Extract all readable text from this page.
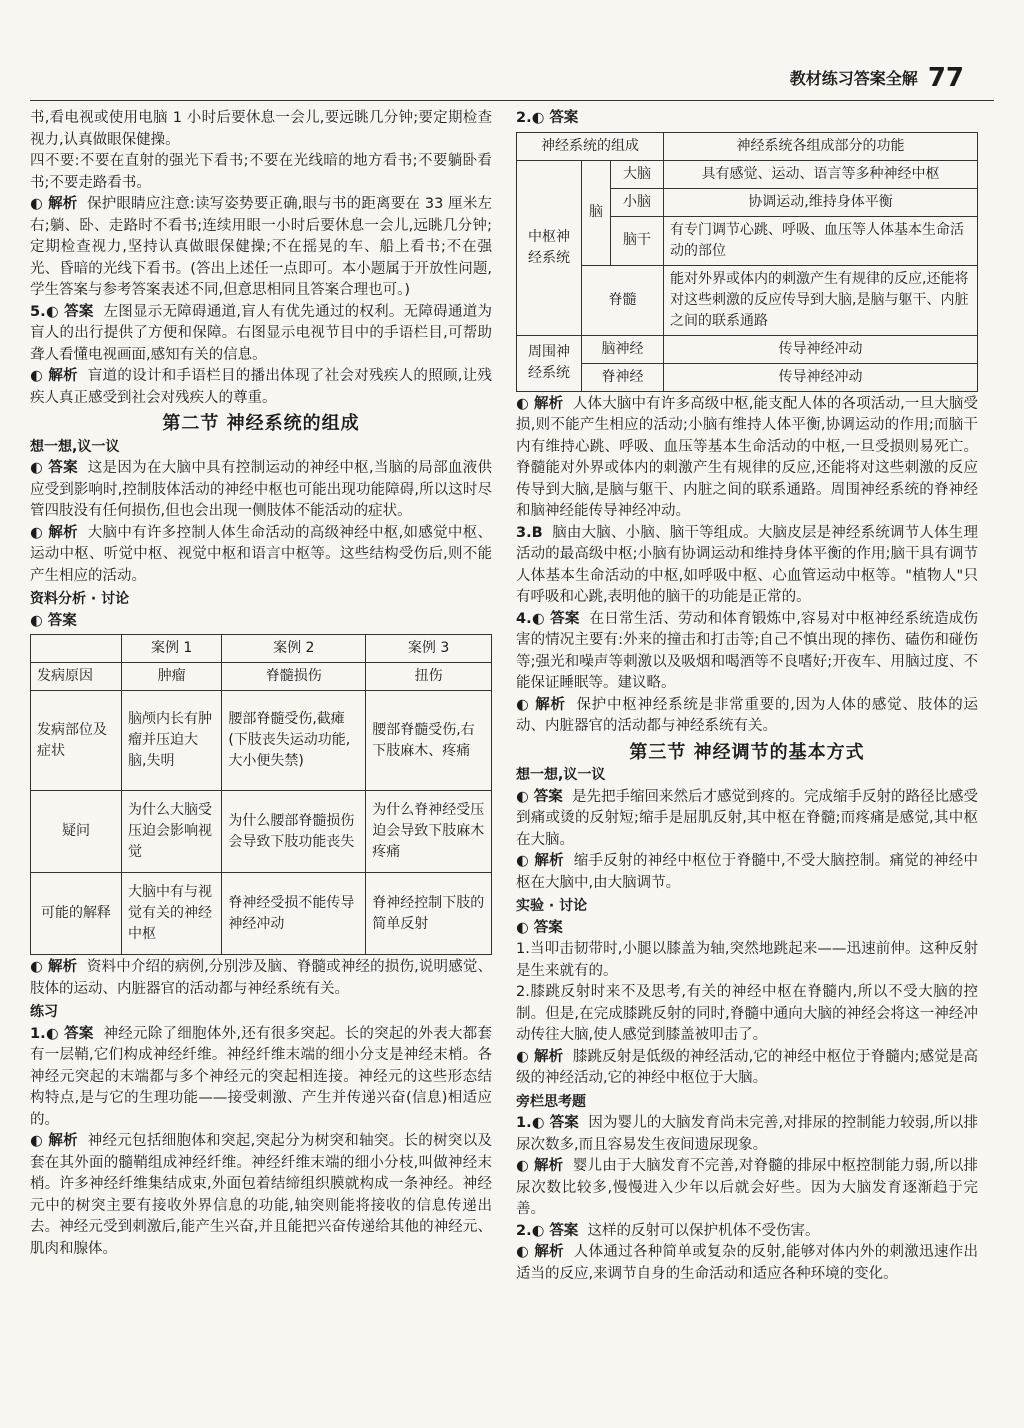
教材练习答案全解 77

书,看电视或使用电脑 1 小时后要休息一会儿,要远眺几分钟;要定期检查视力,认真做眼保健操。

四不要:不要在直射的强光下看书;不要在光线暗的地方看书;不要躺卧看书;不要走路看书。

◐ 解析 保护眼睛应注意:读写姿势要正确,眼与书的距离要在 33 厘米左右;躺、卧、走路时不看书;连续用眼一小时后要休息一会儿,远眺几分钟;定期检查视力,坚持认真做眼保健操;不在摇晃的车、船上看书;不在强光、昏暗的光线下看书。(答出上述任一点即可。本小题属于开放性问题,学生答案与参考答案表述不同,但意思相同且答案合理也可。)

5.◐ 答案 左图显示无障碍通道,盲人有优先通过的权利。无障碍通道为盲人的出行提供了方便和保障。右图显示电视节目中的手语栏目,可帮助聋人看懂电视画面,感知有关的信息。

◐ 解析 盲道的设计和手语栏目的播出体现了社会对残疾人的照顾,让残疾人真正感受到社会对残疾人的尊重。

第二节 神经系统的组成
想一想,议一议

◐ 答案 这是因为在大脑中具有控制运动的神经中枢,当脑的局部血液供应受到影响时,控制肢体活动的神经中枢也可能出现功能障碍,所以这时尽管四肢没有任何损伤,但也会出现一侧肢体不能活动的症状。

◐ 解析 大脑中有许多控制人体生命活动的高级神经中枢,如感觉中枢、运动中枢、听觉中枢、视觉中枢和语言中枢等。这些结构受伤后,则不能产生相应的活动。

资料分析 · 讨论

◐ 答案

	案例 1	案例 2	案例 3
发病原因	肿瘤	脊髓损伤	扭伤
发病部位及症状	脑颅内长有肿瘤并压迫大脑,失明	腰部脊髓受伤,截瘫(下肢丧失运动功能,大小便失禁)	腰部脊髓受伤,右下肢麻木、疼痛
疑问	为什么大脑受压迫会影响视觉	为什么腰部脊髓损伤会导致下肢功能丧失	为什么脊神经受压迫会导致下肢麻木疼痛
可能的解释	大脑中有与视觉有关的神经中枢	脊神经受损不能传导神经冲动	脊神经控制下肢的简单反射

◐ 解析 资料中介绍的病例,分别涉及脑、脊髓或神经的损伤,说明感觉、肢体的运动、内脏器官的活动都与神经系统有关。

练习

1.◐ 答案 神经元除了细胞体外,还有很多突起。长的突起的外表大都套有一层鞘,它们构成神经纤维。神经纤维末端的细小分支是神经末梢。各神经元突起的末端都与多个神经元的突起相连接。神经元的这些形态结构特点,是与它的生理功能——接受刺激、产生并传递兴奋(信息)相适应的。

◐ 解析 神经元包括细胞体和突起,突起分为树突和轴突。长的树突以及套在其外面的髓鞘组成神经纤维。神经纤维末端的细小分枝,叫做神经末梢。许多神经纤维集结成束,外面包着结缔组织膜就构成一条神经。神经元中的树突主要有接收外界信息的功能,轴突则能将接收的信息传递出去。神经元受到刺激后,能产生兴奋,并且能把兴奋传递给其他的神经元、肌肉和腺体。

2.◐ 答案

神经系统的组成			神经系统各组成部分的功能
中枢神经系统	脑	大脑	具有感觉、运动、语言等多种神经中枢
		小脑	协调运动,维持身体平衡
		脑干	有专门调节心跳、呼吸、血压等人体基本生命活动的部位
	脊髓		能对外界或体内的刺激产生有规律的反应,还能将对这些刺激的反应传导到大脑,是脑与躯干、内脏之间的联系通路
周围神经系统	脑神经		传导神经冲动
	脊神经		传导神经冲动

◐ 解析 人体大脑中有许多高级中枢,能支配人体的各项活动,一旦大脑受损,则不能产生相应的活动;小脑有维持人体平衡,协调运动的作用;而脑干内有维持心跳、呼吸、血压等基本生命活动的中枢,一旦受损则易死亡。脊髓能对外界或体内的刺激产生有规律的反应,还能将对这些刺激的反应传导到大脑,是脑与躯干、内脏之间的联系通路。周围神经系统的脊神经和脑神经能传导神经冲动。

3.B 脑由大脑、小脑、脑干等组成。大脑皮层是神经系统调节人体生理活动的最高级中枢;小脑有协调运动和维持身体平衡的作用;脑干具有调节人体基本生命活动的中枢,如呼吸中枢、心血管运动中枢等。"植物人"只有呼吸和心跳,表明他的脑干的功能是正常的。

4.◐ 答案 在日常生活、劳动和体育锻炼中,容易对中枢神经系统造成伤害的情况主要有:外来的撞击和打击等;自己不慎出现的摔伤、磕伤和碰伤等;强光和噪声等刺激以及吸烟和喝酒等不良嗜好;开夜车、用脑过度、不能保证睡眠等。建议略。

◐ 解析 保护中枢神经系统是非常重要的,因为人体的感觉、肢体的运动、内脏器官的活动都与神经系统有关。

第三节 神经调节的基本方式
想一想,议一议

◐ 答案 是先把手缩回来然后才感觉到疼的。完成缩手反射的路径比感受到痛或烫的反射短;缩手是屈肌反射,其中枢在脊髓;而疼痛是感觉,其中枢在大脑。

◐ 解析 缩手反射的神经中枢位于脊髓中,不受大脑控制。痛觉的神经中枢在大脑中,由大脑调节。

实验 · 讨论

◐ 答案

1.当叩击韧带时,小腿以膝盖为轴,突然地跳起来——迅速前伸。这种反射是生来就有的。

2.膝跳反射时来不及思考,有关的神经中枢在脊髓内,所以不受大脑的控制。但是,在完成膝跳反射的同时,脊髓中通向大脑的神经会将这一神经冲动传往大脑,使人感觉到膝盖被叩击了。

◐ 解析 膝跳反射是低级的神经活动,它的神经中枢位于脊髓内;感觉是高级的神经活动,它的神经中枢位于大脑。

旁栏思考题

1.◐ 答案 因为婴儿的大脑发育尚未完善,对排尿的控制能力较弱,所以排尿次数多,而且容易发生夜间遗尿现象。

◐ 解析 婴儿由于大脑发育不完善,对脊髓的排尿中枢控制能力弱,所以排尿次数比较多,慢慢进入少年以后就会好些。因为大脑发育逐渐趋于完善。

2.◐ 答案 这样的反射可以保护机体不受伤害。

◐ 解析 人体通过各种简单或复杂的反射,能够对体内外的刺激迅速作出适当的反应,来调节自身的生命活动和适应各种环境的变化。
